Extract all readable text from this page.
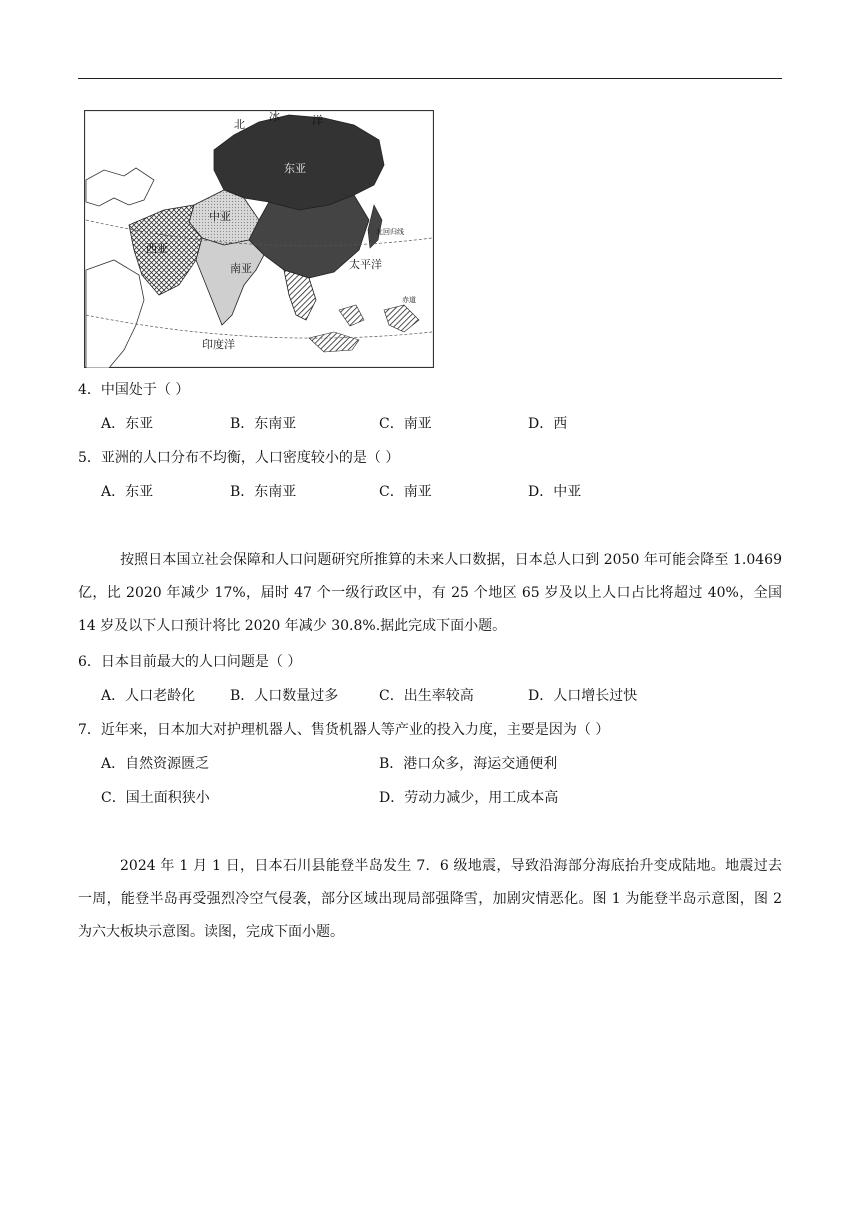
北
冰	洋
东亚
中亚
西亚
南亚	太平洋
印度洋
北回归线
赤道
4．中国处于（ ）
A．东亚	B．东南亚	C．南亚	D．西
5．亚洲的人口分布不均衡，人口密度较小的是（ ）
A．东亚	B．东南亚	C．南亚	D．中亚
按照日本国立社会保障和人口问题研究所推算的未来人口数据，日本总人口到 2050 年可能会降至 1.0469 亿，比 2020 年减少 17%，届时 47 个一级行政区中，有 25 个地区 65 岁及以上人口占比将超过 40%，全国 14 岁及以下人口预计将比 2020 年减少 30.8%.据此完成下面小题。
6．日本目前最大的人口问题是（ ）
A．人口老龄化 B．人口数量过多	C．出生率较高	D．人口增长过快
7．近年来，日本加大对护理机器人、售货机器人等产业的投入力度，主要是因为（ ）
A．自然资源匮乏	B．港口众多，海运交通便利
C．国土面积狭小	D．劳动力减少，用工成本高
2024 年 1 月 1 日，日本石川县能登半岛发生 7．6 级地震，导致沿海部分海底抬升变成陆地。地震过去一周，能登半岛再受强烈冷空气侵袭，部分区域出现局部强降雪，加剧灾情恶化。图 1 为能登半岛示意图，图 2 为六大板块示意图。读图，完成下面小题。
